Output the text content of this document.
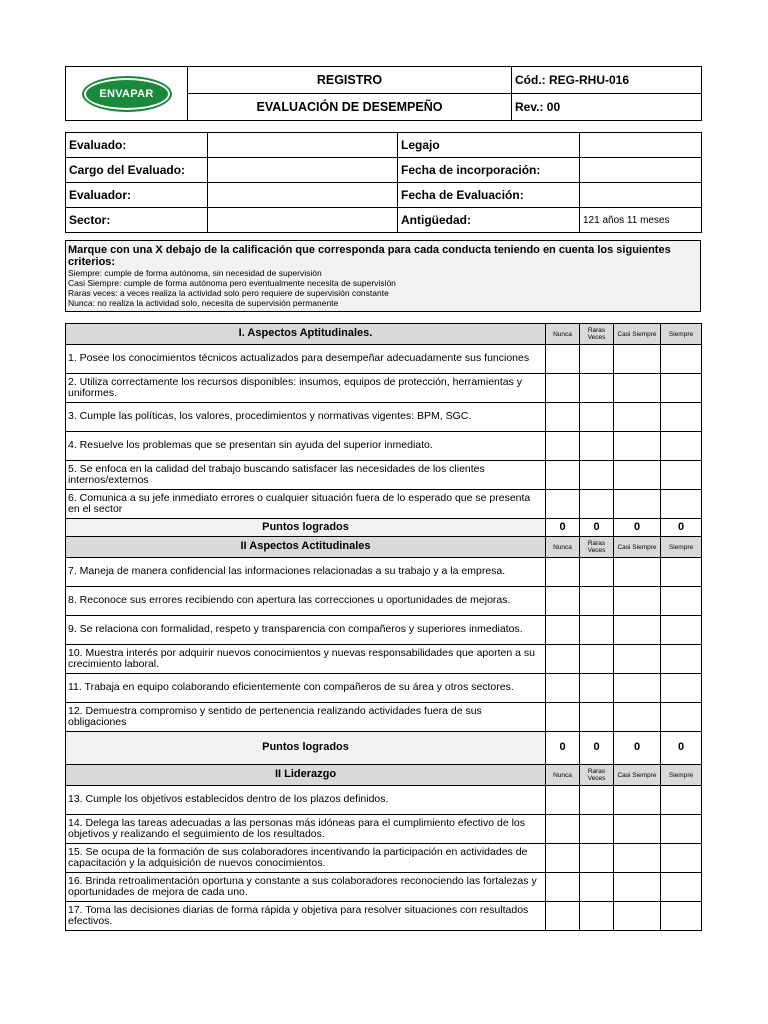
ENVAPAR	REGISTRO	Cód.: REG-RHU-016
	EVALUACIÓN DE DESEMPEÑO	Rev.: 00
Evaluado:		Legajo	
Cargo del Evaluado:		Fecha de incorporación:	
Evaluador:		Fecha de Evaluación:	
Sector:		Antigüedad:	121 años 11 meses
Marque con una X debajo de la calificación que corresponda para cada conducta teniendo en cuenta los siguientes criterios:
Siempre: cumple de forma autónoma, sin necesidad de supervisión
Casi Siempre: cumple de forma autónoma pero eventualmente necesita de supervisión
Raras veces: a veces realiza la actividad solo pero requiere de supervisión constante
Nunca: no realiza la actividad solo, necesita de supervisión permanente
I. Aspectos Aptitudinales.	Nunca	Raras Veces	Casi Siempre	Siempre
1. Posee los conocimientos técnicos actualizados para desempeñar adecuadamente sus funciones				
2. Utiliza correctamente los recursos disponibles: insumos, equipos de protección, herramientas y uniformes.				
3. Cumple las políticas, los valores, procedimientos y normativas vigentes: BPM, SGC.				
4. Resuelve los problemas que se presentan sin ayuda del superior inmediato.				
5. Se enfoca en la calidad del trabajo buscando satisfacer las necesidades de los clientes internos/externos				
6. Comunica a su jefe inmediato errores o cualquier situación fuera de lo esperado que se presenta en el sector				
Puntos logrados	0	0	0	0
II Aspectos Actitudinales	Nunca	Raras Veces	Casi Siempre	Siempre
7. Maneja de manera confidencial las informaciones relacionadas a su trabajo y a la empresa.				
8. Reconoce sus errores recibiendo con apertura las correcciones u oportunidades de mejoras.				
9. Se relaciona con formalidad, respeto y transparencia con compañeros y superiores inmediatos.				
10. Muestra interés por adquirir nuevos conocimientos y nuevas responsabilidades que aporten a su crecimiento laboral.				
11. Trabaja en equipo colaborando eficientemente con compañeros de su área y otros sectores.				
12. Demuestra compromiso y sentido de pertenencia realizando actividades fuera de sus obligaciones				
Puntos logrados	0	0	0	0
II Liderazgo	Nunca	Raras Veces	Casi Siempre	Siempre
13. Cumple los objetivos establecidos dentro de los plazos definidos.				
14. Delega las tareas adecuadas a las personas más idóneas para el cumplimiento efectivo de los objetivos y realizando el seguimiento de los resultados.				
15. Se ocupa de la formación de sus colaboradores incentivando la participación en actividades de capacitación y la adquisición de nuevos conocimientos.				
16. Brinda retroalimentación oportuna y constante a sus colaboradores reconociendo las fortalezas y oportunidades de mejora de cada uno.				
17. Toma las decisiones diarias de forma rápida y objetiva para resolver situaciones con resultados efectivos.				
